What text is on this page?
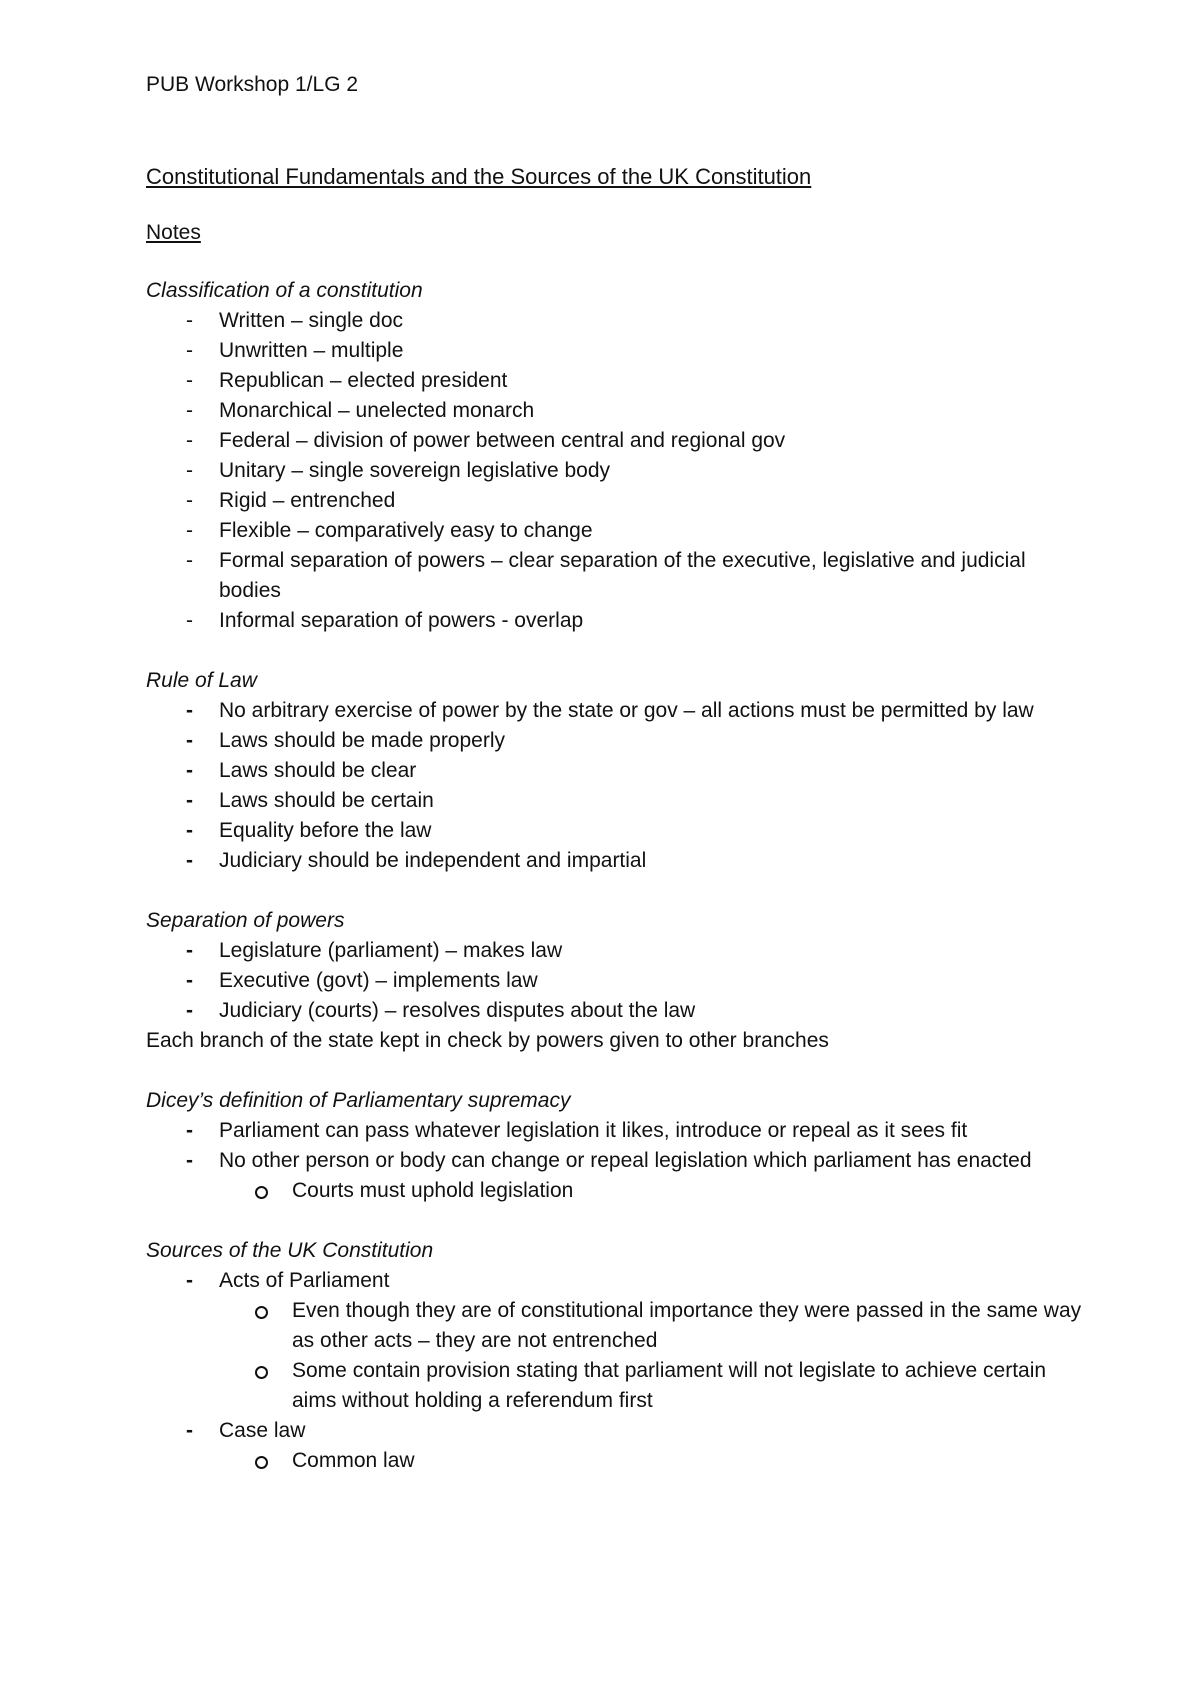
PUB Workshop 1/LG 2

Constitutional Fundamentals and the Sources of the UK Constitution

Notes

Classification of a constitution

- Written – single doc
- Unwritten – multiple
- Republican – elected president
- Monarchical – unelected monarch
- Federal – division of power between central and regional gov
- Unitary – single sovereign legislative body
- Rigid – entrenched
- Flexible – comparatively easy to change
- Formal separation of powers – clear separation of the executive, legislative and judicial bodies
- Informal separation of powers - overlap

Rule of Law

- No arbitrary exercise of power by the state or gov – all actions must be permitted by law
- Laws should be made properly
- Laws should be clear
- Laws should be certain
- Equality before the law
- Judiciary should be independent and impartial

Separation of powers

- Legislature (parliament) – makes law
- Executive (govt) – implements law
- Judiciary (courts) – resolves disputes about the law

Each branch of the state kept in check by powers given to other branches

Dicey’s definition of Parliamentary supremacy

- Parliament can pass whatever legislation it likes, introduce or repeal as it sees fit
- No other person or body can change or repeal legislation which parliament has enacted
Courts must uphold legislation

Sources of the UK Constitution

- Acts of Parliament
Even though they are of constitutional importance they were passed in the same way as other acts – they are not entrenched
Some contain provision stating that parliament will not legislate to achieve certain aims without holding a referendum first
- Case law
Common law
